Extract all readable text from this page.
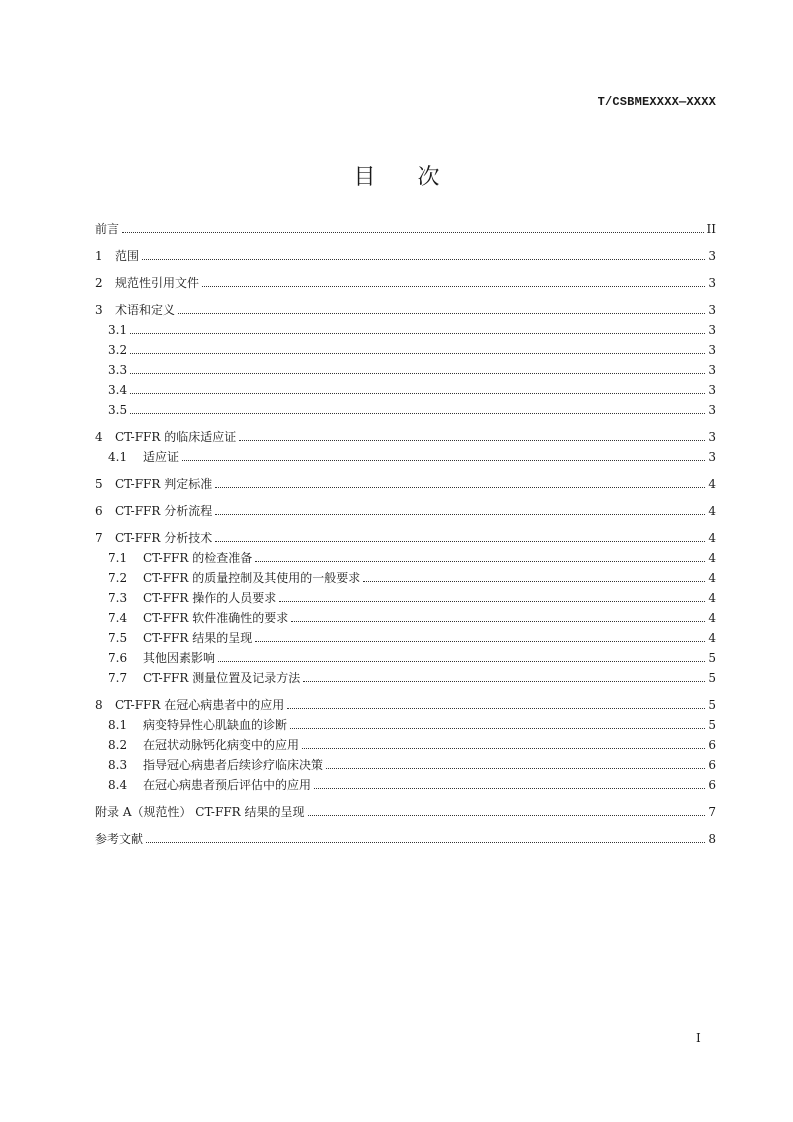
T/CSBMEXXXX—XXXX
目次
前言	II
1	范围	3
2	规范性引用文件	3
3	术语和定义	3
3.1	3
3.2	3
3.3	3
3.4	3
3.5	3
4	CT-FFR 的临床适应证	3
4.1	适应证	3
5	CT-FFR 判定标准	4
6	CT-FFR 分析流程	4
7	CT-FFR 分析技术	4
7.1	CT-FFR 的检查准备	4
7.2	CT-FFR 的质量控制及其使用的一般要求	4
7.3	CT-FFR 操作的人员要求	4
7.4	CT-FFR 软件准确性的要求	4
7.5	CT-FFR 结果的呈现	4
7.6	其他因素影响	5
7.7	CT-FFR 测量位置及记录方法	5
8	CT-FFR 在冠心病患者中的应用	5
8.1	病变特异性心肌缺血的诊断	5
8.2	在冠状动脉钙化病变中的应用	6
8.3	指导冠心病患者后续诊疗临床决策	6
8.4	在冠心病患者预后评估中的应用	6
附录 A（规范性） CT-FFR 结果的呈现	7
参考文献	8
I
